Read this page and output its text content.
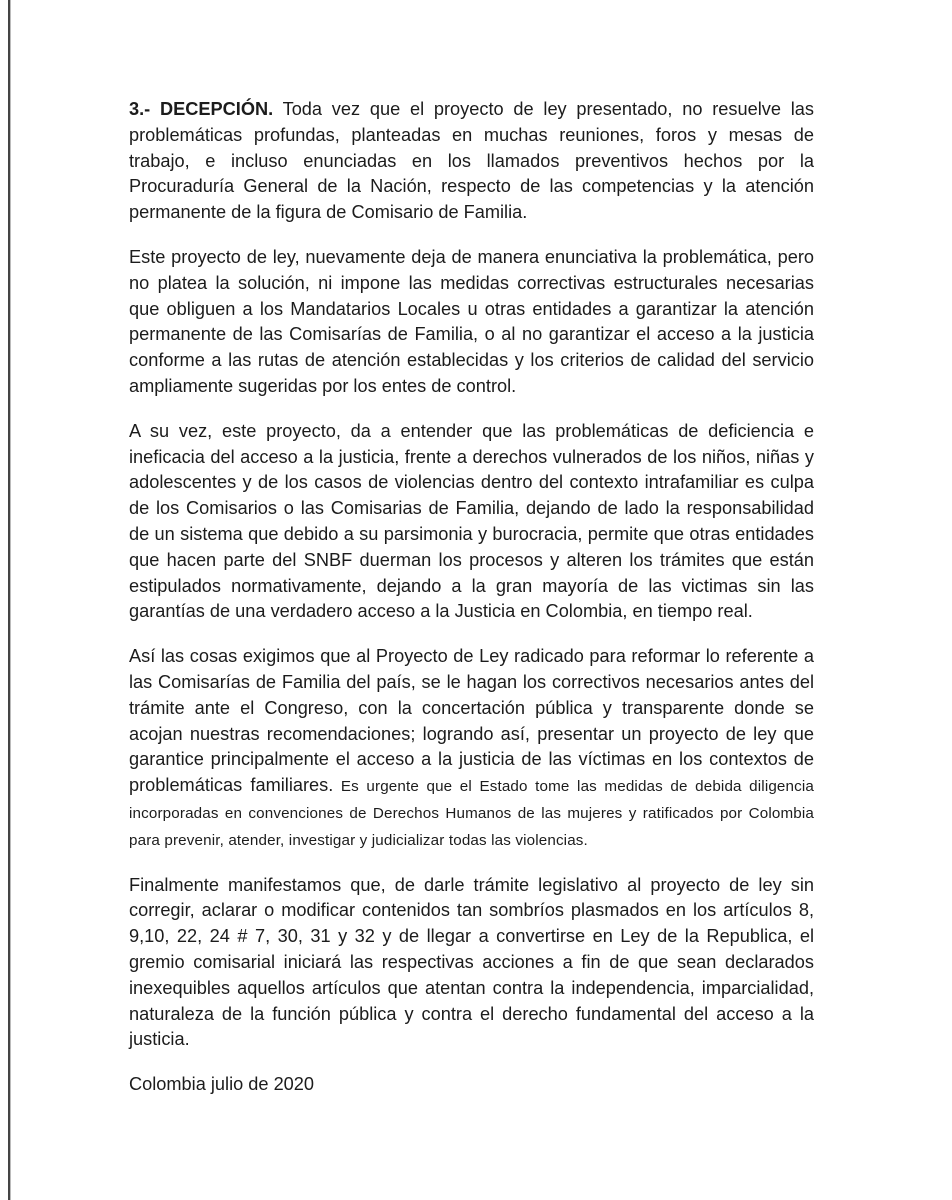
3.- DECEPCIÓN. Toda vez que el proyecto de ley presentado, no resuelve las problemáticas profundas, planteadas en muchas reuniones, foros y mesas de trabajo, e incluso enunciadas en los llamados preventivos hechos por la Procuraduría General de la Nación, respecto de las competencias y la atención permanente de la figura de Comisario de Familia.

Este proyecto de ley, nuevamente deja de manera enunciativa la problemática, pero no platea la solución, ni impone las medidas correctivas estructurales necesarias que obliguen a los Mandatarios Locales u otras entidades a garantizar la atención permanente de las Comisarías de Familia, o al no garantizar el acceso a la justicia conforme a las rutas de atención establecidas y los criterios de calidad del servicio ampliamente sugeridas por los entes de control.

A su vez, este proyecto, da a entender que las problemáticas de deficiencia e ineficacia del acceso a la justicia, frente a derechos vulnerados de los niños, niñas y adolescentes y de los casos de violencias dentro del contexto intrafamiliar es culpa de los Comisarios o las Comisarias de Familia, dejando de lado la responsabilidad de un sistema que debido a su parsimonia y burocracia, permite que otras entidades que hacen parte del SNBF duerman los procesos y alteren los trámites que están estipulados normativamente, dejando a la gran mayoría de las victimas sin las garantías de una verdadero acceso a la Justicia en Colombia, en tiempo real.

Así las cosas exigimos que al Proyecto de Ley radicado para reformar lo referente a las Comisarías de Familia del país, se le hagan los correctivos necesarios antes del trámite ante el Congreso, con la concertación pública y transparente donde se acojan nuestras recomendaciones; logrando así, presentar un proyecto de ley que garantice principalmente el acceso a la justicia de las víctimas en los contextos de problemáticas familiares. Es urgente que el Estado tome las medidas de debida diligencia incorporadas en convenciones de Derechos Humanos de las mujeres y ratificados por Colombia para prevenir, atender, investigar y judicializar todas las violencias.

Finalmente manifestamos que, de darle trámite legislativo al proyecto de ley sin corregir, aclarar o modificar contenidos tan sombríos plasmados en los artículos 8, 9,10, 22, 24 # 7, 30, 31 y 32 y de llegar a convertirse en Ley de la Republica, el gremio comisarial iniciará las respectivas acciones a fin de que sean declarados inexequibles aquellos artículos que atentan contra la independencia, imparcialidad, naturaleza de la función pública y contra el derecho fundamental del acceso a la justicia.

Colombia julio de 2020
